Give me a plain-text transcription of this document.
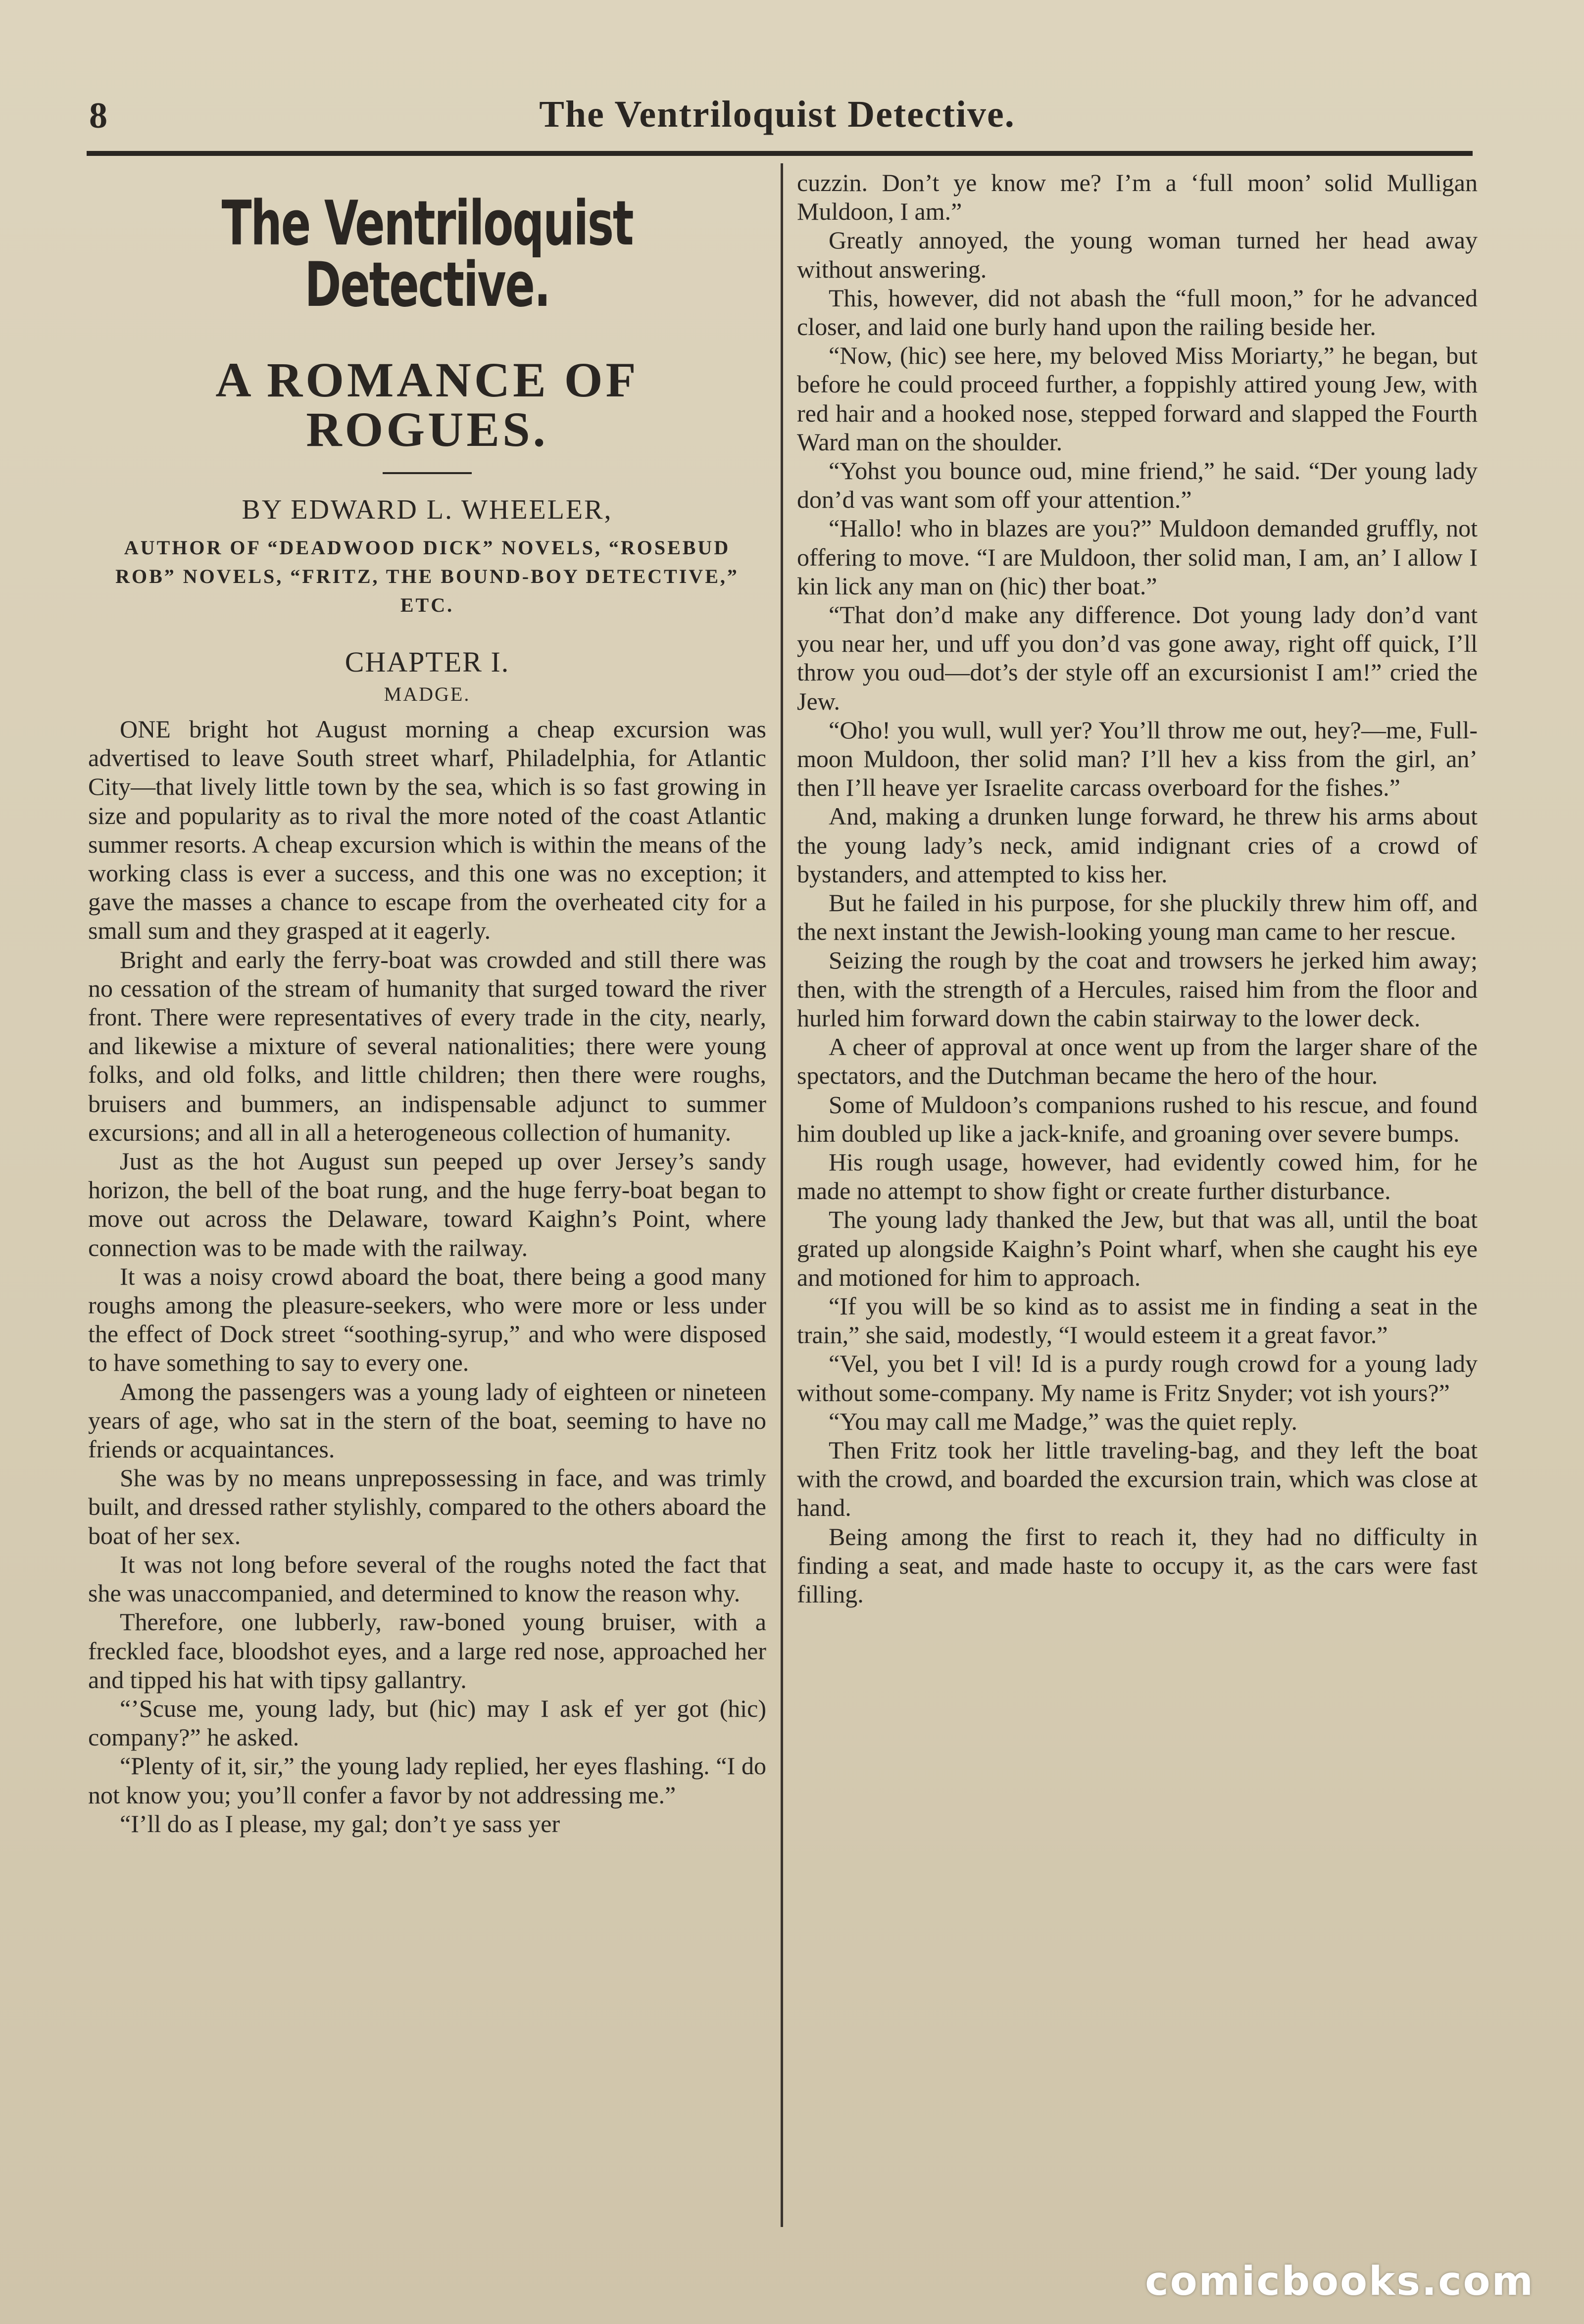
8	The Ventriloquist Detective.
The Ventriloquist Detective.
A ROMANCE OF ROGUES.
BY EDWARD L. WHEELER,
AUTHOR OF “DEADWOOD DICK” NOVELS, “ROSEBUD ROB” NOVELS, “FRITZ, THE BOUND-BOY DETECTIVE,” ETC.
CHAPTER I.
MADGE.

ONE bright hot August morning a cheap excursion was advertised to leave South street wharf, Philadelphia, for Atlantic City—that lively little town by the sea, which is so fast growing in size and popularity as to rival the more noted of the coast Atlantic summer resorts. A cheap excursion which is within the means of the working class is ever a success, and this one was no exception; it gave the masses a chance to escape from the overheated city for a small sum and they grasped at it eagerly.

Bright and early the ferry-boat was crowded and still there was no cessation of the stream of humanity that surged toward the river front. There were representatives of every trade in the city, nearly, and likewise a mixture of several nationalities; there were young folks, and old folks, and little children; then there were roughs, bruisers and bummers, an indispensable adjunct to summer excursions; and all in all a heterogeneous collection of humanity.

Just as the hot August sun peeped up over Jersey’s sandy horizon, the bell of the boat rung, and the huge ferry-boat began to move out across the Delaware, toward Kaighn’s Point, where connection was to be made with the railway.

It was a noisy crowd aboard the boat, there being a good many roughs among the pleasure-seekers, who were more or less under the effect of Dock street “soothing-syrup,” and who were disposed to have something to say to every one.

Among the passengers was a young lady of eighteen or nineteen years of age, who sat in the stern of the boat, seeming to have no friends or acquaintances.

She was by no means unprepossessing in face, and was trimly built, and dressed rather stylishly, compared to the others aboard the boat of her sex.

It was not long before several of the roughs noted the fact that she was unaccompanied, and determined to know the reason why.

Therefore, one lubberly, raw-boned young bruiser, with a freckled face, bloodshot eyes, and a large red nose, approached her and tipped his hat with tipsy gallantry.

“’Scuse me, young lady, but (hic) may I ask ef yer got (hic) company?” he asked.

“Plenty of it, sir,” the young lady replied, her eyes flashing. “I do not know you; you’ll confer a favor by not addressing me.”

“I’ll do as I please, my gal; don’t ye sass yer

cuzzin. Don’t ye know me? I’m a ‘full moon’ solid Mulligan Muldoon, I am.”

Greatly annoyed, the young woman turned her head away without answering.

This, however, did not abash the “full moon,” for he advanced closer, and laid one burly hand upon the railing beside her.

“Now, (hic) see here, my beloved Miss Moriarty,” he began, but before he could proceed further, a foppishly attired young Jew, with red hair and a hooked nose, stepped forward and slapped the Fourth Ward man on the shoulder.

“Yohst you bounce oud, mine friend,” he said. “Der young lady don’d vas want som off your attention.”

“Hallo! who in blazes are you?” Muldoon demanded gruffly, not offering to move. “I are Muldoon, ther solid man, I am, an’ I allow I kin lick any man on (hic) ther boat.”

“That don’d make any difference. Dot young lady don’d vant you near her, und uff you don’d vas gone away, right off quick, I’ll throw you oud—dot’s der style off an excursionist I am!” cried the Jew.

“Oho! you wull, wull yer? You’ll throw me out, hey?—me, Full-moon Muldoon, ther solid man? I’ll hev a kiss from the girl, an’ then I’ll heave yer Israelite carcass overboard for the fishes.”

And, making a drunken lunge forward, he threw his arms about the young lady’s neck, amid indignant cries of a crowd of bystanders, and attempted to kiss her.

But he failed in his purpose, for she pluckily threw him off, and the next instant the Jewish-looking young man came to her rescue.

Seizing the rough by the coat and trowsers he jerked him away; then, with the strength of a Hercules, raised him from the floor and hurled him forward down the cabin stairway to the lower deck.

A cheer of approval at once went up from the larger share of the spectators, and the Dutchman became the hero of the hour.

Some of Muldoon’s companions rushed to his rescue, and found him doubled up like a jack-knife, and groaning over severe bumps.

His rough usage, however, had evidently cowed him, for he made no attempt to show fight or create further disturbance.

The young lady thanked the Jew, but that was all, until the boat grated up alongside Kaighn’s Point wharf, when she caught his eye and motioned for him to approach.

“If you will be so kind as to assist me in finding a seat in the train,” she said, modestly, “I would esteem it a great favor.”

“Vel, you bet I vil! Id is a purdy rough crowd for a young lady without some-company. My name is Fritz Snyder; vot ish yours?”

“You may call me Madge,” was the quiet reply.

Then Fritz took her little traveling-bag, and they left the boat with the crowd, and boarded the excursion train, which was close at hand.

Being among the first to reach it, they had no difficulty in finding a seat, and made haste to occupy it, as the cars were fast filling.

comicbooks.com
